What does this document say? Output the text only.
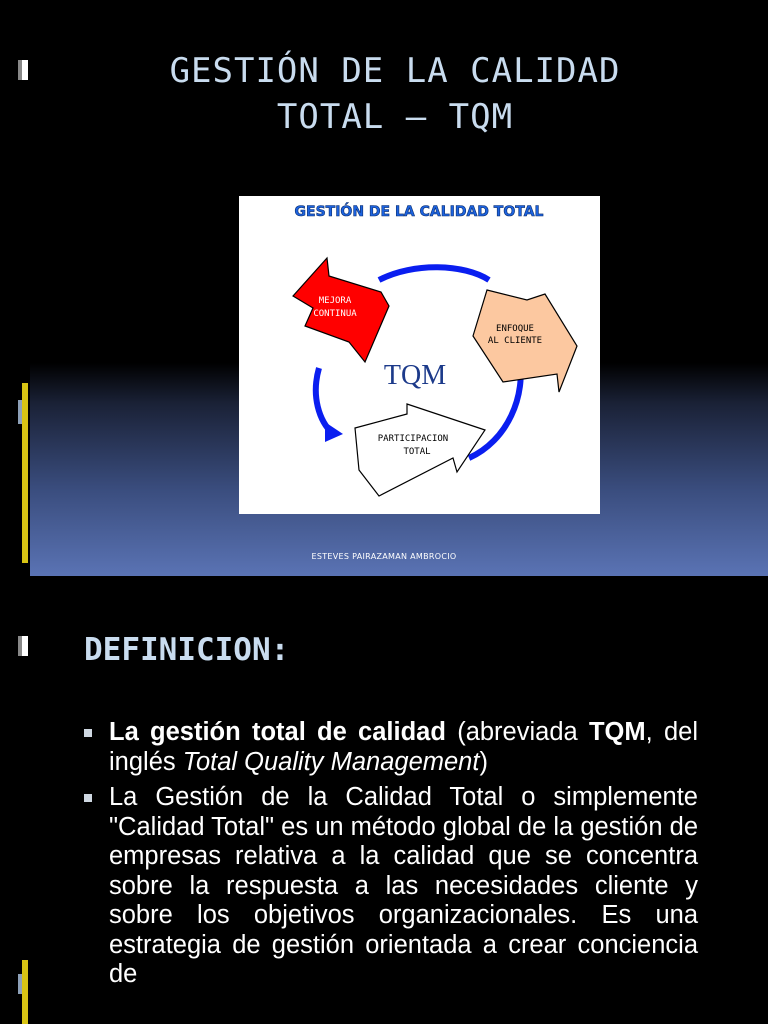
GESTIÓN DE LA CALIDAD
TOTAL – TQM
GESTIÓN DE LA CALIDAD TOTAL
MEJORA
CONTINUA
ENFOQUE
AL CLIENTE
PARTICIPACION
TOTAL
TQM
ESTEVES PAIRAZAMAN AMBROCIO
DEFINICION:
La gestión total de calidad (abreviada TQM, del inglés Total Quality Management)
La Gestión de la Calidad Total o simplemente "Calidad Total" es un método global de la gestión de empresas relativa a la calidad que se concentra sobre la respuesta a las necesidades cliente y sobre los objetivos organizacionales. Es una estrategia de gestión orientada a crear conciencia de
